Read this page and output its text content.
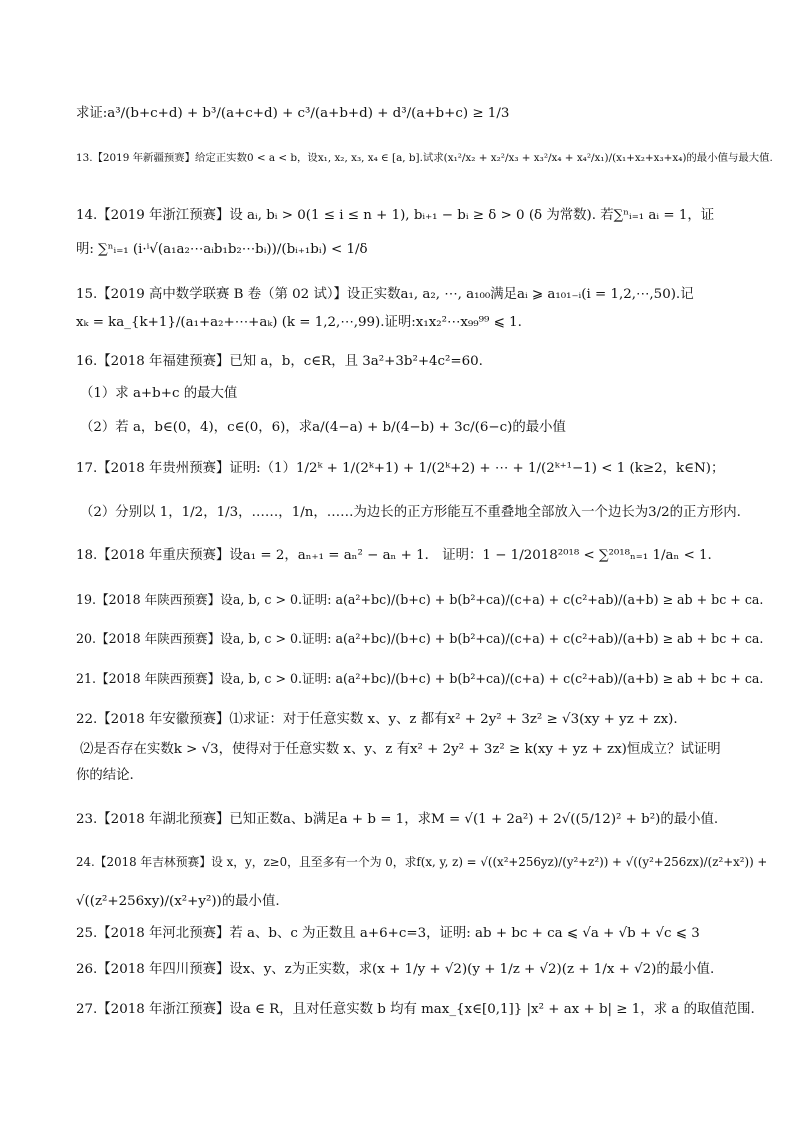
求证:a³/(b+c+d) + b³/(a+c+d) + c³/(a+b+d) + d³/(a+b+c) ≥ 1/3
13.【2019 年新疆预赛】给定正实数0 < a < b，设x₁, x₂, x₃, x₄ ∈ [a, b].试求(x₁²/x₂ + x₂²/x₃ + x₃²/x₄ + x₄²/x₁)/(x₁+x₂+x₃+x₄)的最小值与最大值.
14.【2019 年浙江预赛】设 aᵢ, bᵢ > 0(1 ≤ i ≤ n + 1), bᵢ₊₁ − bᵢ ≥ δ > 0 (δ 为常数). 若∑ⁿᵢ₌₁ aᵢ = 1，证
明: ∑ⁿᵢ₌₁ (i·ⁱ√(a₁a₂⋯aᵢb₁b₂⋯bᵢ))/(bᵢ₊₁bᵢ) < 1/δ
15.【2019 高中数学联赛 B 卷（第 02 试）】设正实数a₁, a₂, ⋯, a₁₀₀满足aᵢ ⩾ a₁₀₁₋ᵢ(i = 1,2,⋯,50).记
xₖ = ka_{k+1}/(a₁+a₂+⋯+aₖ) (k = 1,2,⋯,99).证明:x₁x₂²⋯x₉₉⁹⁹ ⩽ 1.
16.【2018 年福建预赛】已知 a，b，c∈R，且 3a²+3b²+4c²=60.
（1）求 a+b+c 的最大值
（2）若 a，b∈(0，4)，c∈(0，6)，求a/(4−a) + b/(4−b) + 3c/(6−c)的最小值
17.【2018 年贵州预赛】证明:（1）1/2ᵏ + 1/(2ᵏ+1) + 1/(2ᵏ+2) + ⋯ + 1/(2ᵏ⁺¹−1) < 1 (k≥2，k∈N)；
（2）分别以 1，1/2，1/3，……，1/n，……为边长的正方形能互不重叠地全部放入一个边长为3/2的正方形内.
18.【2018 年重庆预赛】设a₁ = 2，aₙ₊₁ = aₙ² − aₙ + 1． 证明：1 − 1/2018²⁰¹⁸ < ∑²⁰¹⁸ₙ₌₁ 1/aₙ < 1.
19.【2018 年陕西预赛】设a, b, c > 0.证明: a(a²+bc)/(b+c) + b(b²+ca)/(c+a) + c(c²+ab)/(a+b) ≥ ab + bc + ca.
20.【2018 年陕西预赛】设a, b, c > 0.证明: a(a²+bc)/(b+c) + b(b²+ca)/(c+a) + c(c²+ab)/(a+b) ≥ ab + bc + ca.
21.【2018 年陕西预赛】设a, b, c > 0.证明: a(a²+bc)/(b+c) + b(b²+ca)/(c+a) + c(c²+ab)/(a+b) ≥ ab + bc + ca.
22.【2018 年安徽预赛】⑴求证：对于任意实数 x、y、z 都有x² + 2y² + 3z² ≥ √3(xy + yz + zx).
⑵是否存在实数k > √3，使得对于任意实数 x、y、z 有x² + 2y² + 3z² ≥ k(xy + yz + zx)恒成立？试证明
你的结论.
23.【2018 年湖北预赛】已知正数a、b满足a + b = 1，求M = √(1 + 2a²) + 2√((5/12)² + b²)的最小值.
24.【2018 年吉林预赛】设 x，y，z≥0，且至多有一个为 0，求f(x, y, z) = √((x²+256yz)/(y²+z²)) + √((y²+256zx)/(z²+x²)) +
√((z²+256xy)/(x²+y²))的最小值.
25.【2018 年河北预赛】若 a、b、c 为正数且 a+6+c=3，证明: ab + bc + ca ⩽ √a + √b + √c ⩽ 3
26.【2018 年四川预赛】设x、y、z为正实数，求(x + 1/y + √2)(y + 1/z + √2)(z + 1/x + √2)的最小值.
27.【2018 年浙江预赛】设a ∈ R，且对任意实数 b 均有 max_{x∈[0,1]} |x² + ax + b| ≥ 1，求 a 的取值范围.
